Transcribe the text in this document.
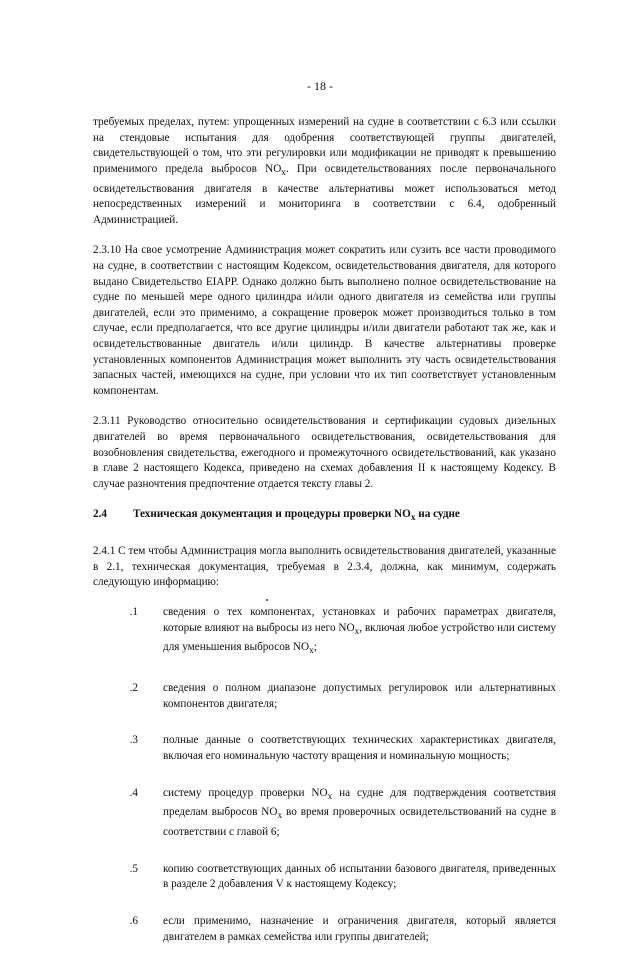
- 18 -

требуемых пределах, путем: упрощенных измерений на судне в соответствии с 6.3 или ссылки на стендовые испытания для одобрения соответствующей группы двигателей, свидетельствующей о том, что эти регулировки или модификации не приводят к превышению применимого предела выбросов $NO_x$. При освидетельствованиях после первоначального освидетельствования двигателя в качестве альтернативы может использоваться метод непосредственных измерений и мониторинга в соответствии с 6.4, одобренный Администрацией.

2.3.10 На свое усмотрение Администрация может сократить или сузить все части проводимого на судне, в соответствии с настоящим Кодексом, освидетельствования двигателя, для которого выдано Свидетельство EIAPP. Однако должно быть выполнено полное освидетельствование на судне по меньшей мере одного цилиндра и/или одного двигателя из семейства или группы двигателей, если это применимо, а сокращение проверок может производиться только в том случае, если предполагается, что все другие цилиндры и/или двигатели работают так же, как и освидетельствованные двигатель и/или цилиндр. В качестве альтернативы проверке установленных компонентов Администрация может выполнить эту часть освидетельствования запасных частей, имеющихся на судне, при условии что их тип соответствует установленным компонентам.

2.3.11 Руководство относительно освидетельствования и сертификации судовых дизельных двигателей во время первоначального освидетельствования, освидетельствования для возобновления свидетельства, ежегодного и промежуточного освидетельствований, как указано в главе 2 настоящего Кодекса, приведено на схемах добавления II к настоящему Кодексу. В случае разночтения предпочтение отдается тексту главы 2.

2.4	Техническая документация и процедуры проверки $NO_x$ на судне

2.4.1 С тем чтобы Администрация могла выполнить освидетельствования двигателей, указанные в 2.1, техническая документация, требуемая в 2.3.4, должна, как минимум, содержать следующую информацию:

.1	сведения о тех компонентах, установках и рабочих параметрах двигателя, которые влияют на выбросы из него $NO_x$, включая любое устройство или систему для уменьшения выбросов $NO_x$;
.2	сведения о полном диапазоне допустимых регулировок или альтернативных компонентов двигателя;
.3	полные данные о соответствующих технических характеристиках двигателя, включая его номинальную частоту вращения и номинальную мощность;
.4	систему процедур проверки $NO_x$ на судне для подтверждения соответствия пределам выбросов $NO_x$ во время проверочных освидетельствований на судне в соответствии с главой 6;
.5	копию соответствующих данных об испытании базового двигателя, приведенных в разделе 2 добавления V к настоящему Кодексу;
.6	если применимо, назначение и ограничения двигателя, который является двигателем в рамках семейства или группы двигателей;
